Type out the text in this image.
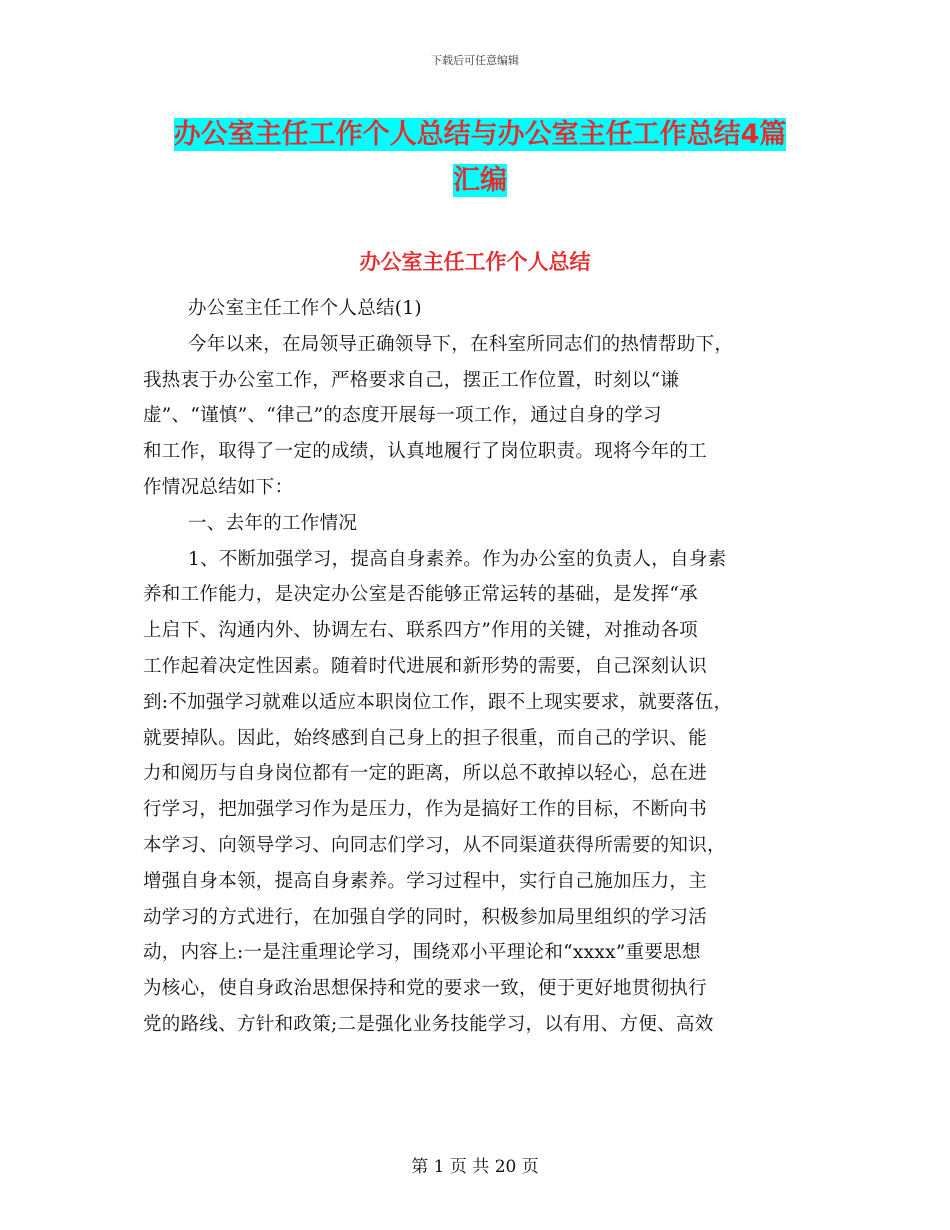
下载后可任意编辑
办公室主任工作个人总结与办公室主任工作总结4篇
汇编
办公室主任工作个人总结
办公室主任工作个人总结(1)
今年以来，在局领导正确领导下，在科室所同志们的热情帮助下，
我热衷于办公室工作，严格要求自己，摆正工作位置，时刻以“谦
虚”、“谨慎”、“律己”的态度开展每一项工作，通过自身的学习
和工作，取得了一定的成绩，认真地履行了岗位职责。现将今年的工
作情况总结如下：
一、去年的工作情况
1、不断加强学习，提高自身素养。作为办公室的负责人，自身素
养和工作能力，是决定办公室是否能够正常运转的基础，是发挥“承
上启下、沟通内外、协调左右、联系四方”作用的关键，对推动各项
工作起着决定性因素。随着时代进展和新形势的需要，自己深刻认识
到:不加强学习就难以适应本职岗位工作，跟不上现实要求，就要落伍，
就要掉队。因此，始终感到自己身上的担子很重，而自己的学识、能
力和阅历与自身岗位都有一定的距离，所以总不敢掉以轻心，总在进
行学习，把加强学习作为是压力，作为是搞好工作的目标，不断向书
本学习、向领导学习、向同志们学习，从不同渠道获得所需要的知识，
增强自身本领，提高自身素养。学习过程中，实行自己施加压力，主
动学习的方式进行，在加强自学的同时，积极参加局里组织的学习活
动，内容上:一是注重理论学习，围绕邓小平理论和“xxxx”重要思想
为核心，使自身政治思想保持和党的要求一致，便于更好地贯彻执行
党的路线、方针和政策;二是强化业务技能学习，以有用、方便、高效
第 1 页 共 20 页
